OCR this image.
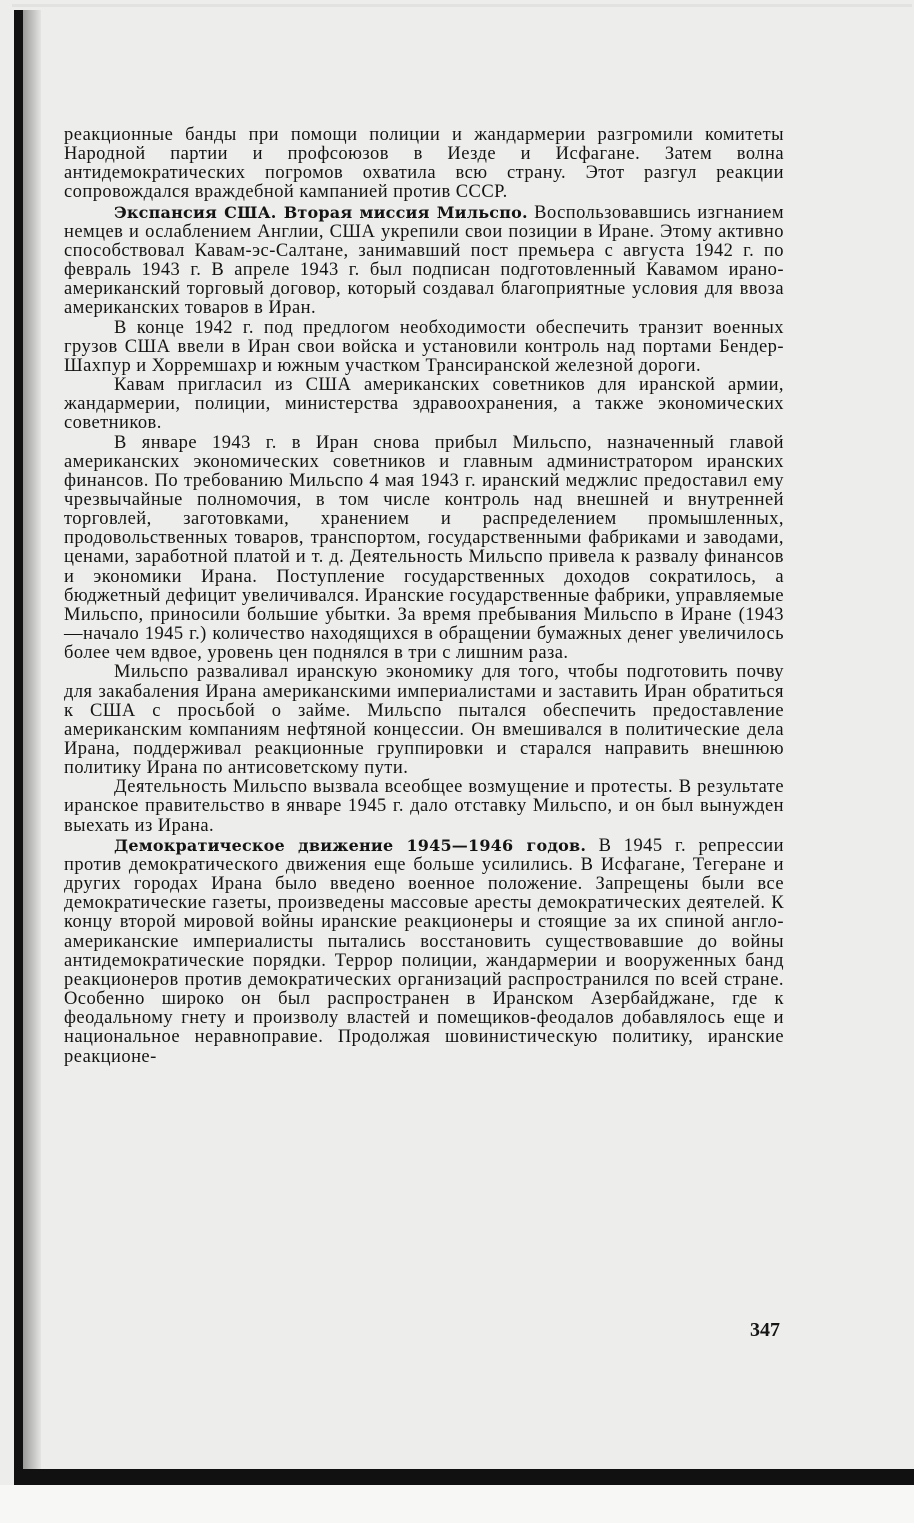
реакционные банды при помощи полиции и жандармерии разгромили комитеты Народной партии и профсоюзов в Иезде и Исфагане. Затем волна антидемократических погромов охватила всю страну. Этот разгул реакции сопровождался враждебной кампанией против СССР.

Экспансия США. Вторая миссия Мильспо. Воспользовавшись изгнанием немцев и ослаблением Англии, США укрепили свои позиции в Иране. Этому активно способствовал Кавам-эс-Салтане, занимавший пост премьера с августа 1942 г. по февраль 1943 г. В апреле 1943 г. был подписан подготовленный Кавамом ирано-американский торговый договор, который создавал благоприятные условия для ввоза американских товаров в Иран.

В конце 1942 г. под предлогом необходимости обеспечить транзит военных грузов США ввели в Иран свои войска и установили контроль над портами Бендер-Шахпур и Хорремшахр и южным участком Трансиранской железной дороги.

Кавам пригласил из США американских советников для иранской армии, жандармерии, полиции, министерства здравоохранения, а также экономических советников.

В январе 1943 г. в Иран снова прибыл Мильспо, назначенный главой американских экономических советников и главным администратором иранских финансов. По требованию Мильспо 4 мая 1943 г. иранский меджлис предоставил ему чрезвычайные полномочия, в том числе контроль над внешней и внутренней торговлей, заготовками, хранением и распределением промышленных, продовольственных товаров, транспортом, государственными фабриками и заводами, ценами, заработной платой и т. д. Деятельность Мильспо привела к развалу финансов и экономики Ирана. Поступление государственных доходов сократилось, а бюджетный дефицит увеличивался. Иранские государственные фабрики, управляемые Мильспо, приносили большие убытки. За время пребывания Мильспо в Иране (1943—начало 1945 г.) количество находящихся в обращении бумажных денег увеличилось более чем вдвое, уровень цен поднялся в три с лишним раза.

Мильспо разваливал иранскую экономику для того, чтобы подготовить почву для закабаления Ирана американскими империалистами и заставить Иран обратиться к США с просьбой о займе. Мильспо пытался обеспечить предоставление американским компаниям нефтяной концессии. Он вмешивался в политические дела Ирана, поддерживал реакционные группировки и старался направить внешнюю политику Ирана по антисоветскому пути.

Деятельность Мильспо вызвала всеобщее возмущение и протесты. В результате иранское правительство в январе 1945 г. дало отставку Мильспо, и он был вынужден выехать из Ирана.

Демократическое движение 1945—1946 годов. В 1945 г. репрессии против демократического движения еще больше усилились. В Исфагане, Тегеране и других городах Ирана было введено военное положение. Запрещены были все демократические газеты, произведены массовые аресты демократических деятелей. К концу второй мировой войны иранские реакционеры и стоящие за их спиной англо-американские империалисты пытались восстановить существовавшие до войны антидемократические порядки. Террор полиции, жандармерии и вооруженных банд реакционеров против демократических организаций распространился по всей стране. Особенно широко он был распространен в Иранском Азербайджане, где к феодальному гнету и произволу властей и помещиков-феодалов добавлялось еще и национальное неравноправие. Продолжая шовинистическую политику, иранские реакционе-

347
